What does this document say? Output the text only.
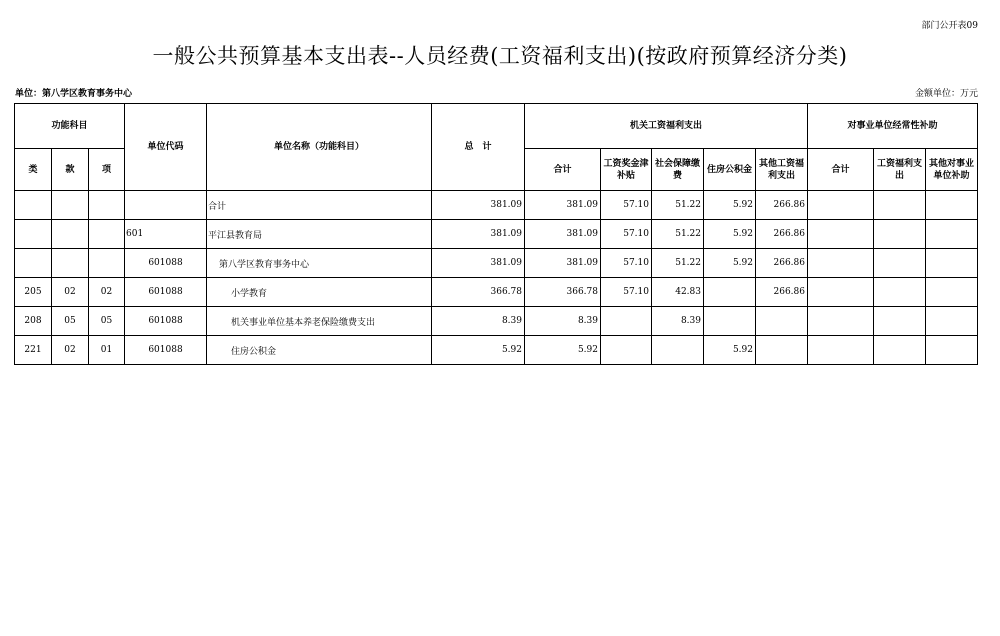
部门公开表09
一般公共预算基本支出表--人员经费(工资福利支出)(按政府预算经济分类)
单位：第八学区教育事务中心	金额单位：万元
功能科目			单位代码	单位名称（功能科目）	总　计	机关工资福利支出					对事业单位经常性补助		
类	款	项				合计	工资奖金津补贴	社会保障缴费	住房公积金	其他工资福利支出	合计	工资福利支出	其他对事业单位补助
				合计	381.09	381.09	57.10	51.22	5.92	266.86			
			601	平江县教育局	381.09	381.09	57.10	51.22	5.92	266.86			
			601088	第八学区教育事务中心	381.09	381.09	57.10	51.22	5.92	266.86			
205	02	02	601088	小学教育	366.78	366.78	57.10	42.83		266.86			
208	05	05	601088	机关事业单位基本养老保险缴费支出	8.39	8.39		8.39					
221	02	01	601088	住房公积金	5.92	5.92			5.92				
